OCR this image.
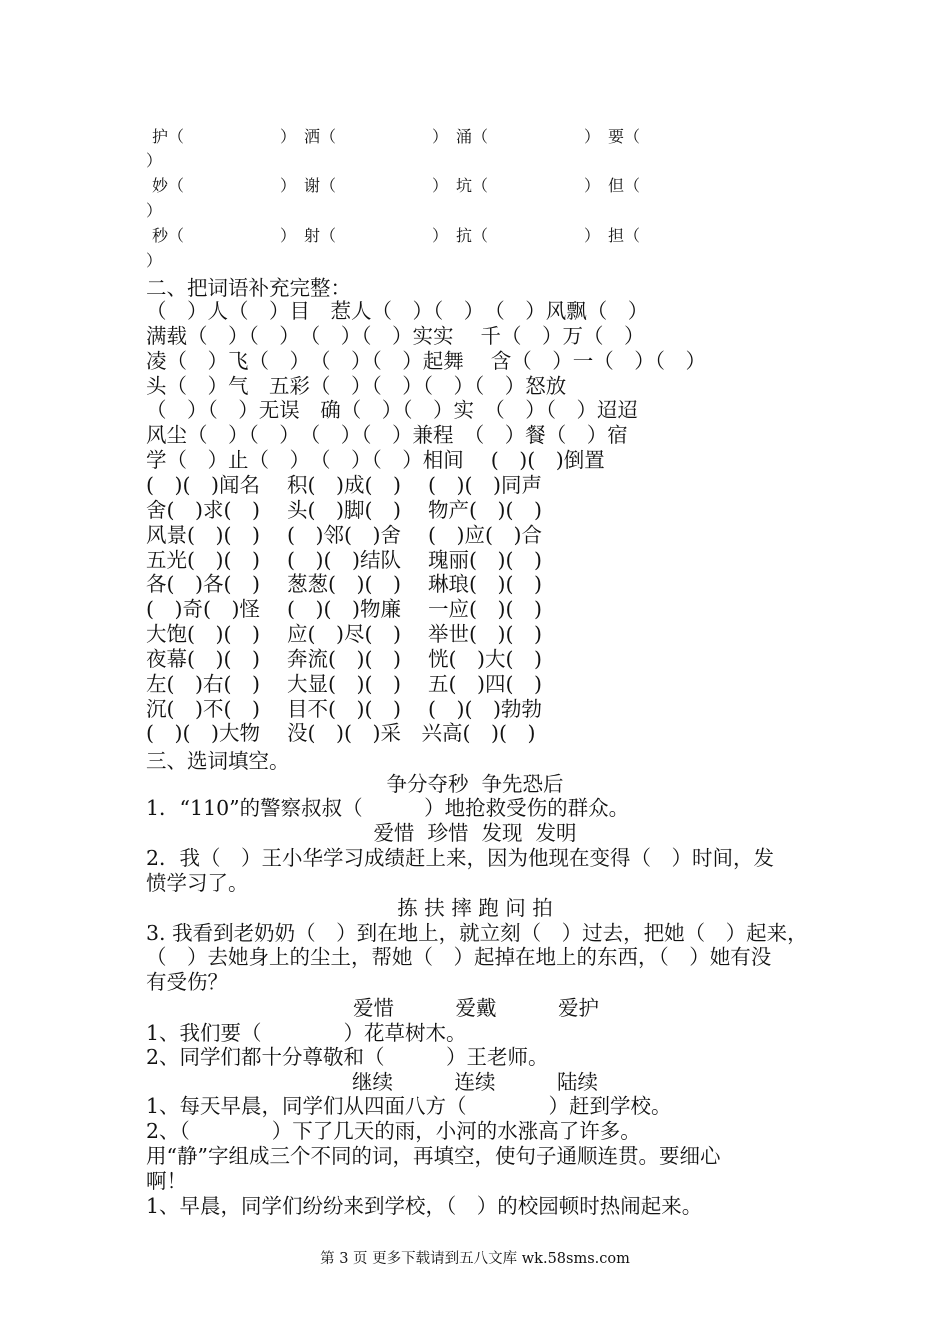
护（　　　　　　）　洒（　　　　　　）　涌（　　　　　　）　要（
）
妙（　　　　　　）　谢（　　　　　　）　坑（　　　　　　）　但（
）
秒（　　　　　　）　射（　　　　　　）　抗（　　　　　　）　担（
）
二、把词语补充完整：
（　）人（　）目　惹人（　）（　）　（　）风飘（　）
满载（　）（　）　（　）（　）实实　 千（　）万（　）
凌（　）飞（　）　（　）（　）起舞　 含（　）一（　）（　）
头（　）气　五彩（　）（　）（　）（　）怒放
（　）（　）无误　确（　）（　）实　（　）（　）迢迢
风尘（　）（　）　（　）（　）兼程　（　）餐（　）宿
学（　）止（　）　（　）（　）相间　 (　)(　)倒置
(　)(　)闻名　 积(　)成(　)　 (　)(　)同声
舍(　)求(　)　 头(　)脚(　)　 物产(　)(　)
风景(　)(　)　 (　)邻(　)舍　 (　)应(　)合
五光(　)(　)　 (　)(　)结队　 瑰丽(　)(　)
各(　)各(　)　 葱葱(　)(　)　 琳琅(　)(　)
(　)奇(　)怪　 (　)(　)物廉　 一应(　)(　)
大饱(　)(　)　 应(　)尽(　)　 举世(　)(　)
夜幕(　)(　)　 奔流(　)(　)　 恍(　)大(　)
左(　)右(　)　 大显(　)(　)　 五(　)四(　)
沉(　)不(　)　 目不(　)(　)　 (　)(　)勃勃
(　)(　)大物　 没(　)(　)采　兴高(　)(　)
三、选词填空。
争分夺秒  争先恐后
1．“110”的警察叔叔（　　　）地抢救受伤的群众。
爱惜  珍惜  发现  发明
2．我（　）王小华学习成绩赶上来，因为他现在变得（　）时间，发
愤学习了。
拣 扶 摔 跑 问 拍
3. 我看到老奶奶（　）到在地上，就立刻（　）过去，把她（　）起来，
（　）去她身上的尘土，帮她（　）起掉在地上的东西，（　）她有没
有受伤？
爱惜　　　爱戴　　　爱护
1、我们要（　　　　）花草树木。
2、同学们都十分尊敬和（　　　）王老师。
继续　　　连续　　　陆续
1、每天早晨，同学们从四面八方（　　　　）赶到学校。
2、（　　　　）下了几天的雨，小河的水涨高了许多。
用“静”字组成三个不同的词，再填空，使句子通顺连贯。要细心
啊！
1、早晨，同学们纷纷来到学校，（　）的校园顿时热闹起来。
第 3 页 更多下载请到五八文库 wk.58sms.com
